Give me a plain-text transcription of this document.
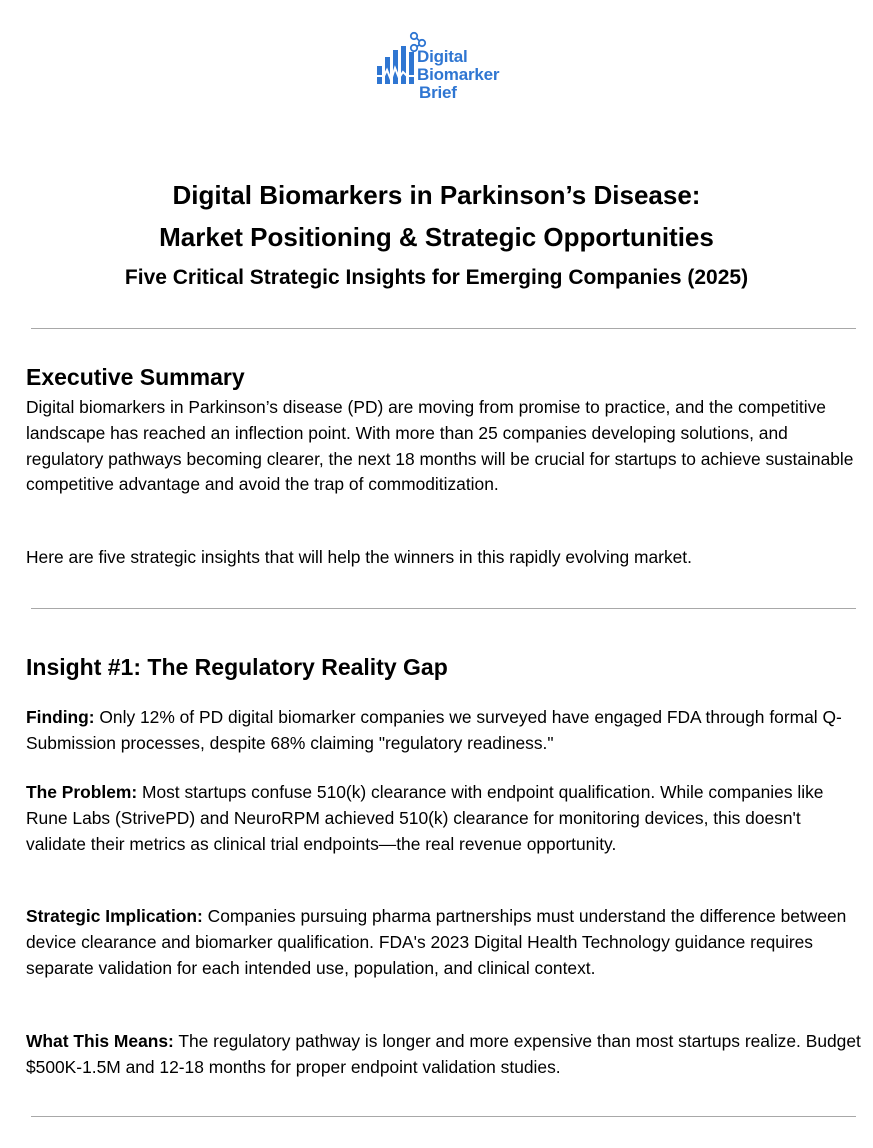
Digital
Biomarker
Brief
Digital Biomarkers in Parkinson’s Disease:
Market Positioning & Strategic Opportunities
Five Critical Strategic Insights for Emerging Companies (2025)
Executive Summary
Digital biomarkers in Parkinson’s disease (PD) are moving from promise to practice, and the competitive landscape has reached an inflection point. With more than 25 companies developing solutions, and regulatory pathways becoming clearer, the next 18 months will be crucial for startups to achieve sustainable competitive advantage and avoid the trap of commoditization.
Here are five strategic insights that will help the winners in this rapidly evolving market.
Insight #1: The Regulatory Reality Gap
Finding: Only 12% of PD digital biomarker companies we surveyed have engaged FDA through formal Q-Submission processes, despite 68% claiming "regulatory readiness."
The Problem: Most startups confuse 510(k) clearance with endpoint qualification. While companies like Rune Labs (StrivePD) and NeuroRPM achieved 510(k) clearance for monitoring devices, this doesn't validate their metrics as clinical trial endpoints—the real revenue opportunity.
Strategic Implication: Companies pursuing pharma partnerships must understand the difference between device clearance and biomarker qualification. FDA's 2023 Digital Health Technology guidance requires separate validation for each intended use, population, and clinical context.
What This Means: The regulatory pathway is longer and more expensive than most startups realize. Budget $500K-1.5M and 12-18 months for proper endpoint validation studies.
